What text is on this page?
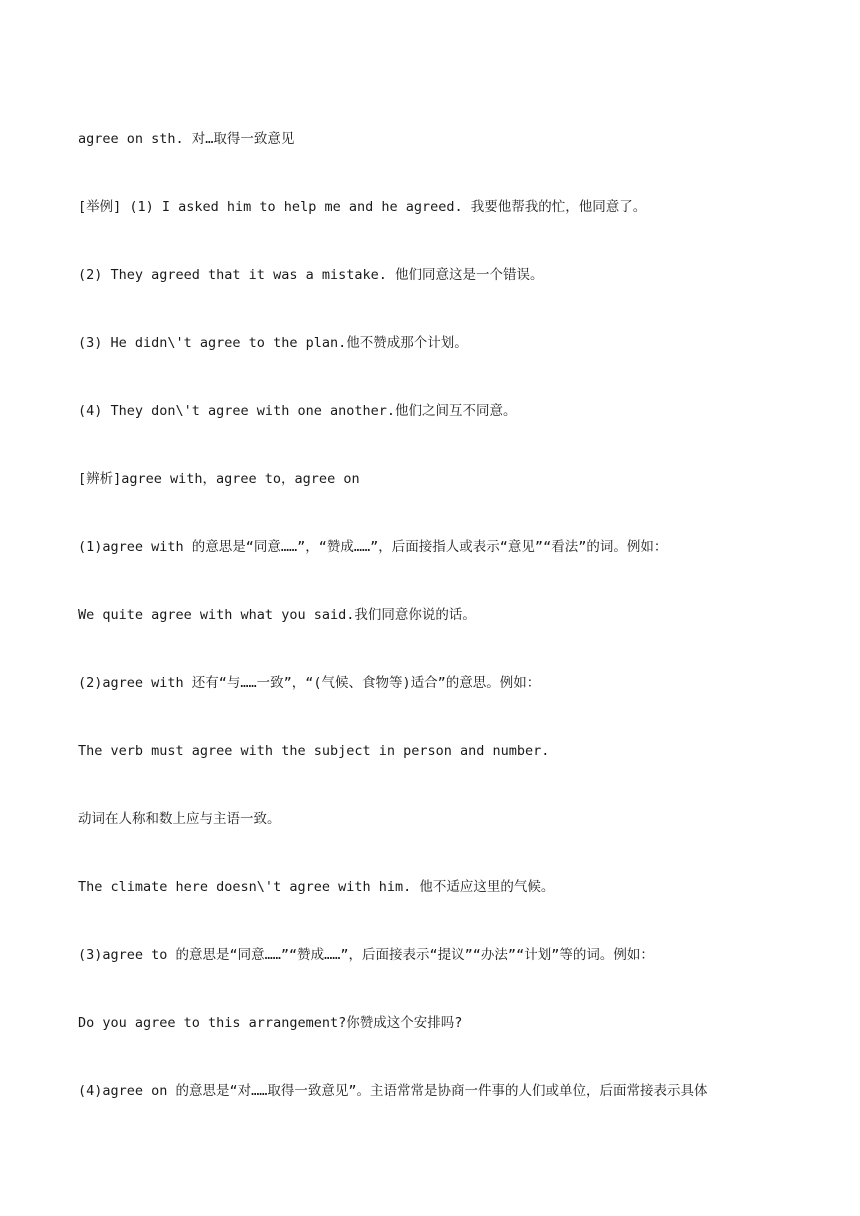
agree on sth. 对…取得一致意见
[举例] (1) I asked him to help me and he agreed. 我要他帮我的忙，他同意了。
(2) They agreed that it was a mistake. 他们同意这是一个错误。
(3) He didn\'t agree to the plan.他不赞成那个计划。
(4) They don\'t agree with one another.他们之间互不同意。
[辨析]agree with，agree to，agree on
(1)agree with 的意思是“同意……”，“赞成……”，后面接指人或表示“意见”“看法”的词。例如：
We quite agree with what you said.我们同意你说的话。
(2)agree with 还有“与……一致”，“(气候、食物等)适合”的意思。例如：
The verb must agree with the subject in person and number.
动词在人称和数上应与主语一致。
The climate here doesn\'t agree with him. 他不适应这里的气候。
(3)agree to 的意思是“同意……”“赞成……”，后面接表示“提议”“办法”“计划”等的词。例如：
Do you agree to this arrangement?你赞成这个安排吗?
(4)agree on 的意思是“对……取得一致意见”。主语常常是协商一件事的人们或单位，后面常接表示具体
